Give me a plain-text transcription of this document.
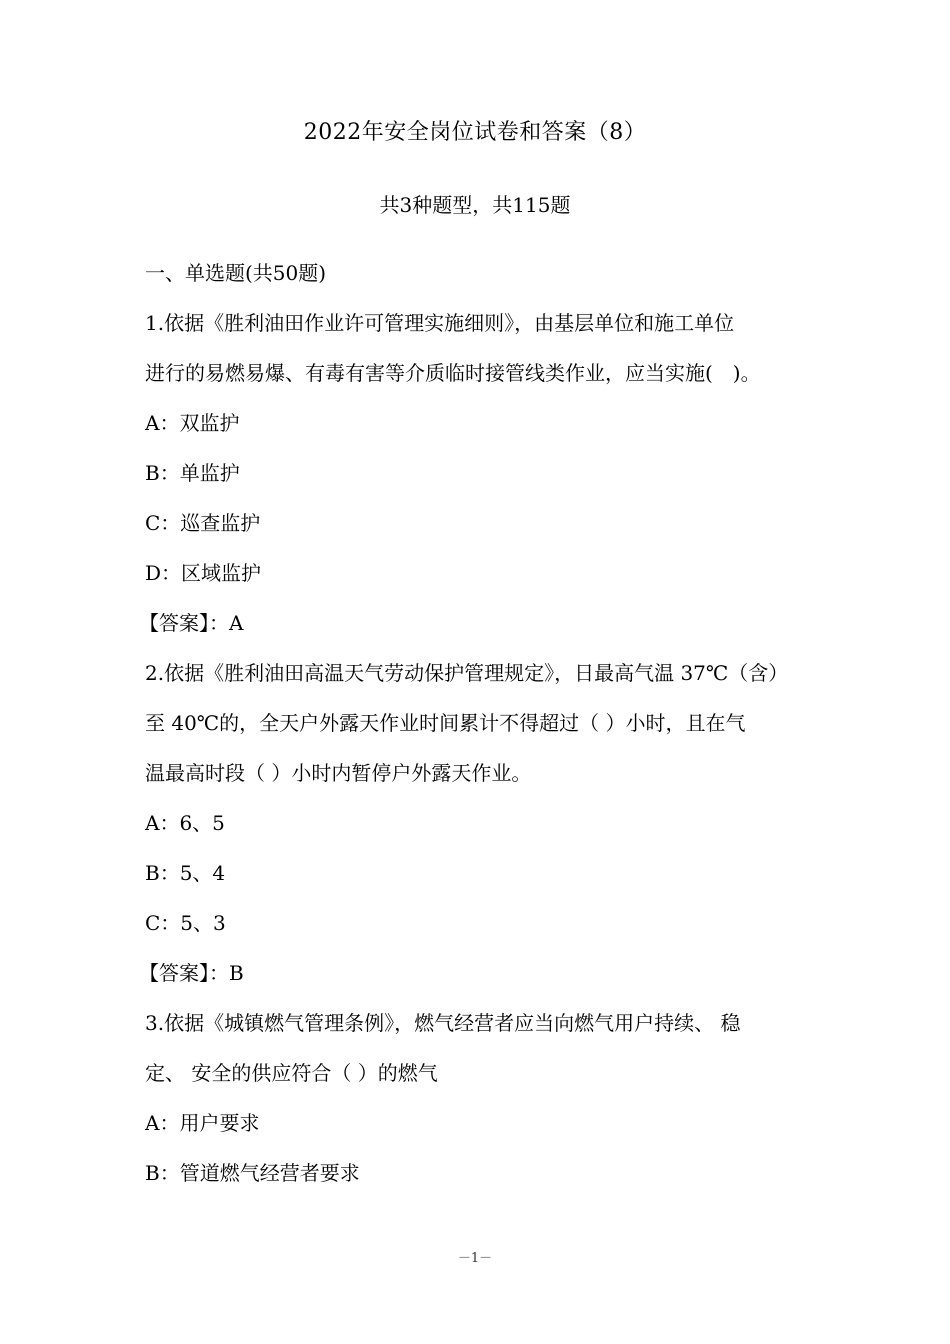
2022年安全岗位试卷和答案（8）
共3种题型，共115题
一、单选题(共50题)
1.依据《胜利油田作业许可管理实施细则》，由基层单位和施工单位
进行的易燃易爆、有毒有害等介质临时接管线类作业，应当实施(　)。
A：双监护
B：单监护
C：巡查监护
D：区域监护
【答案】：A
2.依据《胜利油田高温天气劳动保护管理规定》，日最高气温 37℃（含）
至 40℃的，全天户外露天作业时间累计不得超过（ ）小时，且在气
温最高时段（ ）小时内暂停户外露天作业。
A：6、5
B：5、4
C：5、3
【答案】：B
3.依据《城镇燃气管理条例》，燃气经营者应当向燃气用户持续、 稳
定、 安全的供应符合（ ）的燃气
A：用户要求
B：管道燃气经营者要求
－1－
